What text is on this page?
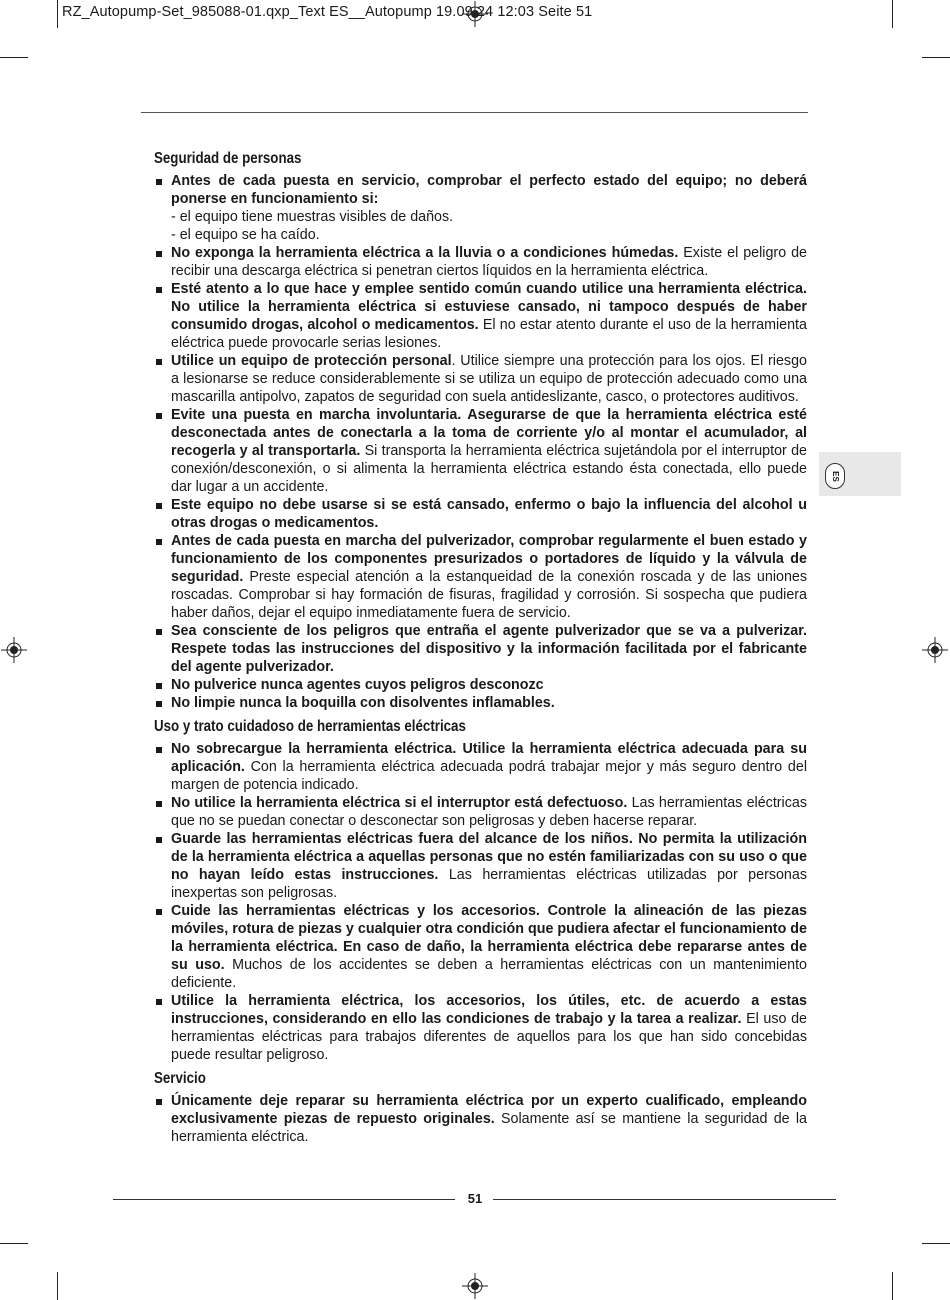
RZ_Autopump-Set_985088-01.qxp_Text ES__Autopump 19.09.24 12:03 Seite 51
ES
Seguridad de personas
Antes de cada puesta en servicio, comprobar el perfecto estado del equipo; no deberá ponerse en funcionamiento si:
- el equipo tiene muestras visibles de daños.
- el equipo se ha caído.
No exponga la herramienta eléctrica a la lluvia o a condiciones húmedas. Existe el peligro de recibir una descarga eléctrica si penetran ciertos líquidos en la herramienta eléctrica.
Esté atento a lo que hace y emplee sentido común cuando utilice una herramienta eléctrica. No utilice la herramienta eléctrica si estuviese cansado, ni tampoco después de haber consumido drogas, alcohol o medicamentos. El no estar atento durante el uso de la herramienta eléctrica puede provocarle serias lesiones.
Utilice un equipo de protección personal. Utilice siempre una protección para los ojos. El riesgo a lesionarse se reduce considerablemente si se utiliza un equipo de protección adecuado como una mascarilla antipolvo, zapatos de seguridad con suela antideslizante, casco, o protectores auditivos.
Evite una puesta en marcha involuntaria. Asegurarse de que la herramienta eléctrica esté desconectada antes de conectarla a la toma de corriente y/o al montar el acumulador, al recogerla y al transportarla. Si transporta la herramienta eléctrica sujetándola por el interruptor de conexión/desconexión, o si alimenta la herramienta eléctrica estando ésta conectada, ello puede dar lugar a un accidente.
Este equipo no debe usarse si se está cansado, enfermo o bajo la influencia del alcohol u otras drogas o medicamentos.
Antes de cada puesta en marcha del pulverizador, comprobar regularmente el buen estado y funcionamiento de los componentes presurizados o portadores de líquido y la válvula de seguridad. Preste especial atención a la estanqueidad de la conexión roscada y de las uniones roscadas. Comprobar si hay formación de fisuras, fragilidad y corrosión. Si sospecha que pudiera haber daños, dejar el equipo inmediatamente fuera de servicio.
Sea consciente de los peligros que entraña el agente pulverizador que se va a pulverizar. Respete todas las instrucciones del dispositivo y la información facilitada por el fabricante del agente pulverizador.
No pulverice nunca agentes cuyos peligros desconozc
No limpie nunca la boquilla con disolventes inflamables.
Uso y trato cuidadoso de herramientas eléctricas
No sobrecargue la herramienta eléctrica. Utilice la herramienta eléctrica adecuada para su aplicación. Con la herramienta eléctrica adecuada podrá trabajar mejor y más seguro dentro del margen de potencia indicado.
No utilice la herramienta eléctrica si el interruptor está defectuoso. Las herramientas eléctricas que no se puedan conectar o desconectar son peligrosas y deben hacerse reparar.
Guarde las herramientas eléctricas fuera del alcance de los niños. No permita la utilización de la herramienta eléctrica a aquellas personas que no estén familiarizadas con su uso o que no hayan leído estas instrucciones. Las herramientas eléctricas utilizadas por personas inexpertas son peligrosas.
Cuide las herramientas eléctricas y los accesorios. Controle la alineación de las piezas móviles, rotura de piezas y cualquier otra condición que pudiera afectar el funcionamiento de la herramienta eléctrica. En caso de daño, la herramienta eléctrica debe repararse antes de su uso. Muchos de los accidentes se deben a herramientas eléctricas con un mantenimiento deficiente.
Utilice la herramienta eléctrica, los accesorios, los útiles, etc. de acuerdo a estas instrucciones, considerando en ello las condiciones de trabajo y la tarea a realizar. El uso de herramientas eléctricas para trabajos diferentes de aquellos para los que han sido concebidas puede resultar peligroso.
Servicio
Únicamente deje reparar su herramienta eléctrica por un experto cualificado, empleando exclusivamente piezas de repuesto originales. Solamente así se mantiene la seguridad de la herramienta eléctrica.
51
